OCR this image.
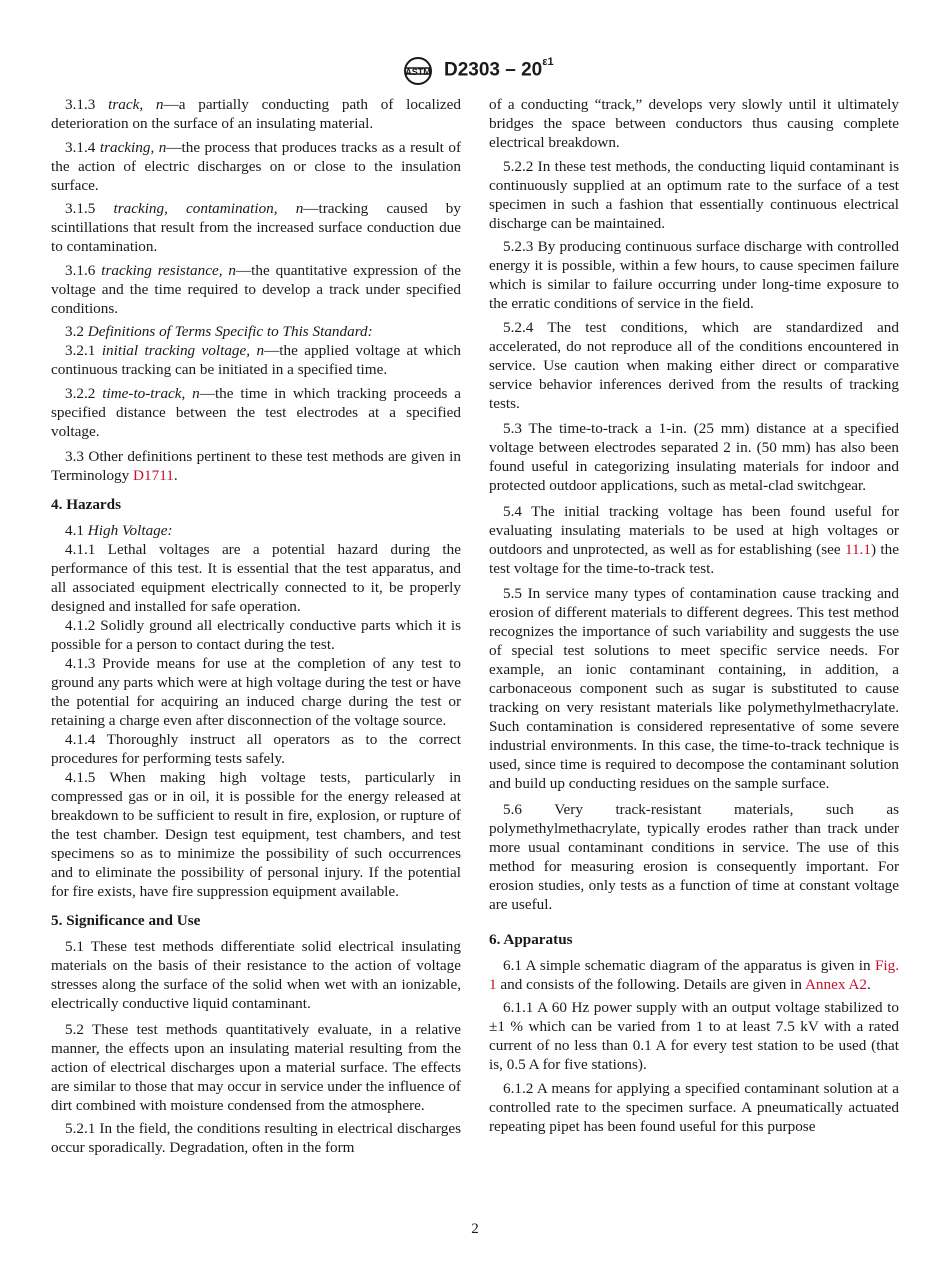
ASTM $D2303 - 20^{\varepsilon 1}$

3.1.3 track, n—a partially conducting path of localized deterioration on the surface of an insulating material.

3.1.4 tracking, n—the process that produces tracks as a result of the action of electric discharges on or close to the insulation surface.

3.1.5 tracking, contamination, n—tracking caused by scintillations that result from the increased surface conduction due to contamination.

3.1.6 tracking resistance, n—the quantitative expression of the voltage and the time required to develop a track under specified conditions.

3.2 Definitions of Terms Specific to This Standard:

3.2.1 initial tracking voltage, n—the applied voltage at which continuous tracking can be initiated in a specified time.

3.2.2 time-to-track, n—the time in which tracking proceeds a specified distance between the test electrodes at a specified voltage.

3.3 Other definitions pertinent to these test methods are given in Terminology D1711.

4. Hazards

4.1 High Voltage:

4.1.1 Lethal voltages are a potential hazard during the performance of this test. It is essential that the test apparatus, and all associated equipment electrically connected to it, be properly designed and installed for safe operation.

4.1.2 Solidly ground all electrically conductive parts which it is possible for a person to contact during the test.

4.1.3 Provide means for use at the completion of any test to ground any parts which were at high voltage during the test or have the potential for acquiring an induced charge during the test or retaining a charge even after disconnection of the voltage source.

4.1.4 Thoroughly instruct all operators as to the correct procedures for performing tests safely.

4.1.5 When making high voltage tests, particularly in compressed gas or in oil, it is possible for the energy released at breakdown to be sufficient to result in fire, explosion, or rupture of the test chamber. Design test equipment, test chambers, and test specimens so as to minimize the possibility of such occurrences and to eliminate the possibility of personal injury. If the potential for fire exists, have fire suppression equipment available.

5. Significance and Use

5.1 These test methods differentiate solid electrical insulating materials on the basis of their resistance to the action of voltage stresses along the surface of the solid when wet with an ionizable, electrically conductive liquid contaminant.

5.2 These test methods quantitatively evaluate, in a relative manner, the effects upon an insulating material resulting from the action of electrical discharges upon a material surface. The effects are similar to those that may occur in service under the influence of dirt combined with moisture condensed from the atmosphere.

5.2.1 In the field, the conditions resulting in electrical discharges occur sporadically. Degradation, often in the form

of a conducting “track,” develops very slowly until it ultimately bridges the space between conductors thus causing complete electrical breakdown.

5.2.2 In these test methods, the conducting liquid contaminant is continuously supplied at an optimum rate to the surface of a test specimen in such a fashion that essentially continuous electrical discharge can be maintained.

5.2.3 By producing continuous surface discharge with controlled energy it is possible, within a few hours, to cause specimen failure which is similar to failure occurring under long-time exposure to the erratic conditions of service in the field.

5.2.4 The test conditions, which are standardized and accelerated, do not reproduce all of the conditions encountered in service. Use caution when making either direct or comparative service behavior inferences derived from the results of tracking tests.

5.3 The time-to-track a 1-in. (25 mm) distance at a specified voltage between electrodes separated 2 in. (50 mm) has also been found useful in categorizing insulating materials for indoor and protected outdoor applications, such as metal-clad switchgear.

5.4 The initial tracking voltage has been found useful for evaluating insulating materials to be used at high voltages or outdoors and unprotected, as well as for establishing (see 11.1) the test voltage for the time-to-track test.

5.5 In service many types of contamination cause tracking and erosion of different materials to different degrees. This test method recognizes the importance of such variability and suggests the use of special test solutions to meet specific service needs. For example, an ionic contaminant containing, in addition, a carbonaceous component such as sugar is substituted to cause tracking on very resistant materials like polymethylmethacrylate. Such contamination is considered representative of some severe industrial environments. In this case, the time-to-track technique is used, since time is required to decompose the contaminant solution and build up conducting residues on the sample surface.

5.6 Very track-resistant materials, such as polymethylmethacrylate, typically erodes rather than track under more usual contaminant conditions in service. The use of this method for measuring erosion is consequently important. For erosion studies, only tests as a function of time at constant voltage are useful.

6. Apparatus

6.1 A simple schematic diagram of the apparatus is given in Fig. 1 and consists of the following. Details are given in Annex A2.

6.1.1 A 60 Hz power supply with an output voltage stabilized to ±1 % which can be varied from 1 to at least 7.5 kV with a rated current of no less than 0.1 A for every test station to be used (that is, 0.5 A for five stations).

6.1.2 A means for applying a specified contaminant solution at a controlled rate to the specimen surface. A pneumatically actuated repeating pipet has been found useful for this purpose

2
